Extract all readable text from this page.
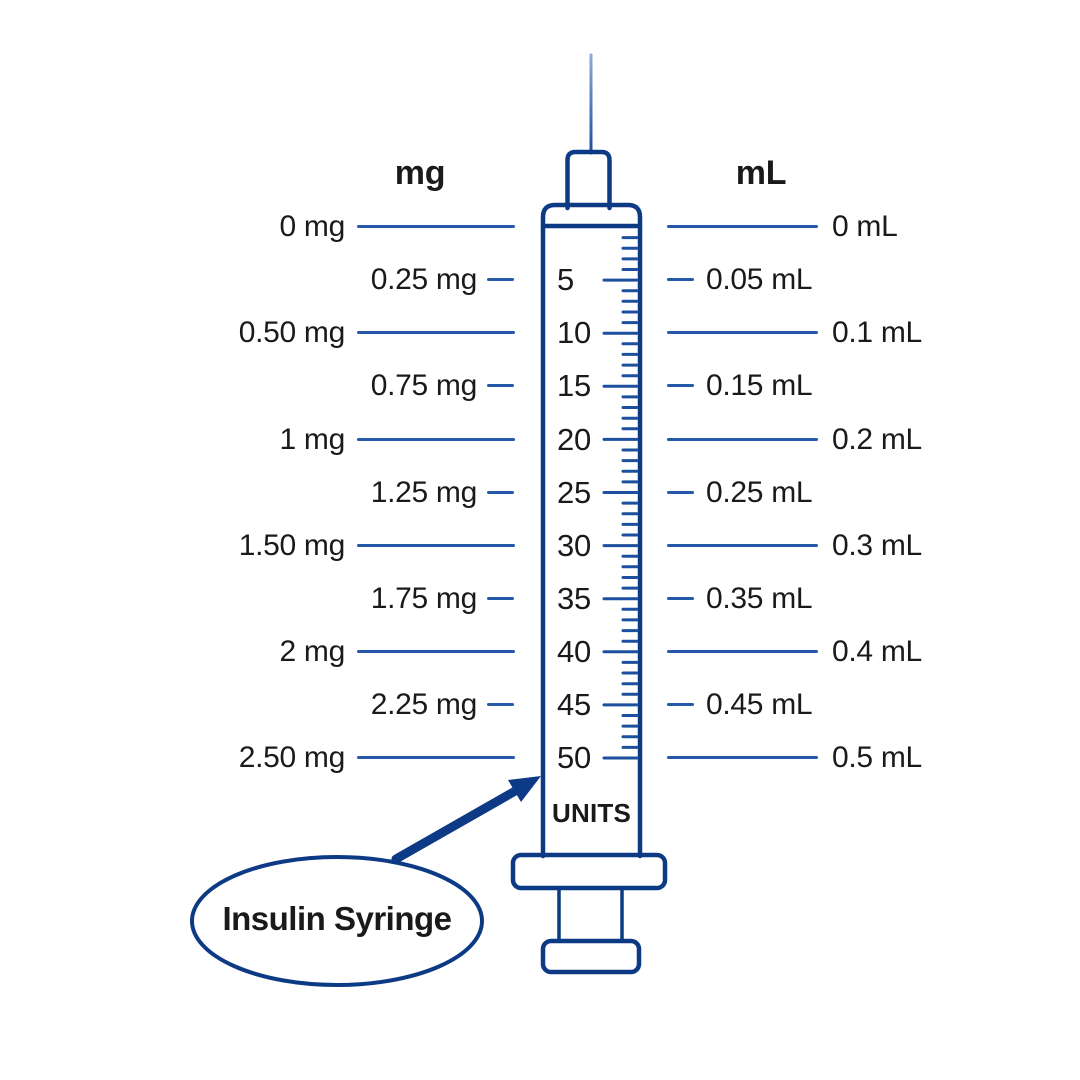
mg	mL
0 mg
0.25 mg
0.50 mg
0.75 mg
1 mg
1.25 mg
1.50 mg
1.75 mg
2 mg
2.25 mg
2.50 mg
0 mL
0.05 mL
0.1 mL
0.15 mL
0.2 mL
0.25 mL
0.3 mL
0.35 mL
0.4 mL
0.45 mL
0.5 mL
5
10
15
20
25
30
35
40
45
50
UNITS
Insulin Syringe
